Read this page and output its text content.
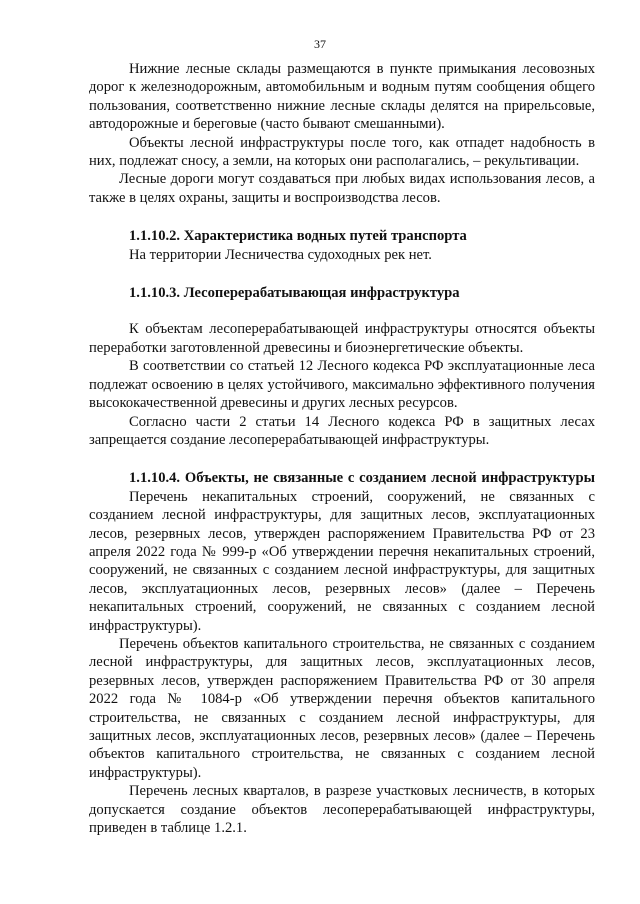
37

Нижние лесные склады размещаются в пункте примыкания лесовозных дорог к железнодорожным, автомобильным и водным путям сообщения общего пользования, соответственно нижние лесные склады делятся на прирельсовые, автодорожные и береговые (часто бывают смешанными).

Объекты лесной инфраструктуры после того, как отпадет надобность в них, подлежат сносу, а земли, на которых они располагались, – рекультивации.

Лесные дороги могут создаваться при любых видах использования лесов, а также в целях охраны, защиты и воспроизводства лесов.

1.1.10.2. Характеристика водных путей транспорта

На территории Лесничества судоходных рек нет.

1.1.10.3. Лесоперерабатывающая инфраструктура

К объектам лесоперерабатывающей инфраструктуры относятся объекты переработки заготовленной древесины и биоэнергетические объекты.

В соответствии со статьей 12 Лесного кодекса РФ эксплуатационные леса подлежат освоению в целях устойчивого, максимально эффективного получения высококачественной древесины и других лесных ресурсов.

Согласно части 2 статьи 14 Лесного кодекса РФ в защитных лесах запрещается создание лесоперерабатывающей инфраструктуры.

1.1.10.4. Объекты, не связанные с созданием лесной инфраструктуры

Перечень некапитальных строений, сооружений, не связанных с созданием лесной инфраструктуры, для защитных лесов, эксплуатационных лесов, резервных лесов, утвержден распоряжением Правительства РФ от 23 апреля 2022 года № 999-р «Об утверждении перечня некапитальных строений, сооружений, не связанных с созданием лесной инфраструктуры, для защитных лесов, эксплуатационных лесов, резервных лесов» (далее – Перечень некапитальных строений, сооружений, не связанных с созданием лесной инфраструктуры).

Перечень объектов капитального строительства, не связанных с созданием лесной инфраструктуры, для защитных лесов, эксплуатационных лесов, резервных лесов, утвержден распоряжением Правительства РФ от 30 апреля 2022 года № 1084-р «Об утверждении перечня объектов капитального строительства, не связанных с созданием лесной инфраструктуры, для защитных лесов, эксплуатационных лесов, резервных лесов» (далее – Перечень объектов капитального строительства, не связанных с созданием лесной инфраструктуры).

Перечень лесных кварталов, в разрезе участковых лесничеств, в которых допускается создание объектов лесоперерабатывающей инфраструктуры, приведен в таблице 1.2.1.
